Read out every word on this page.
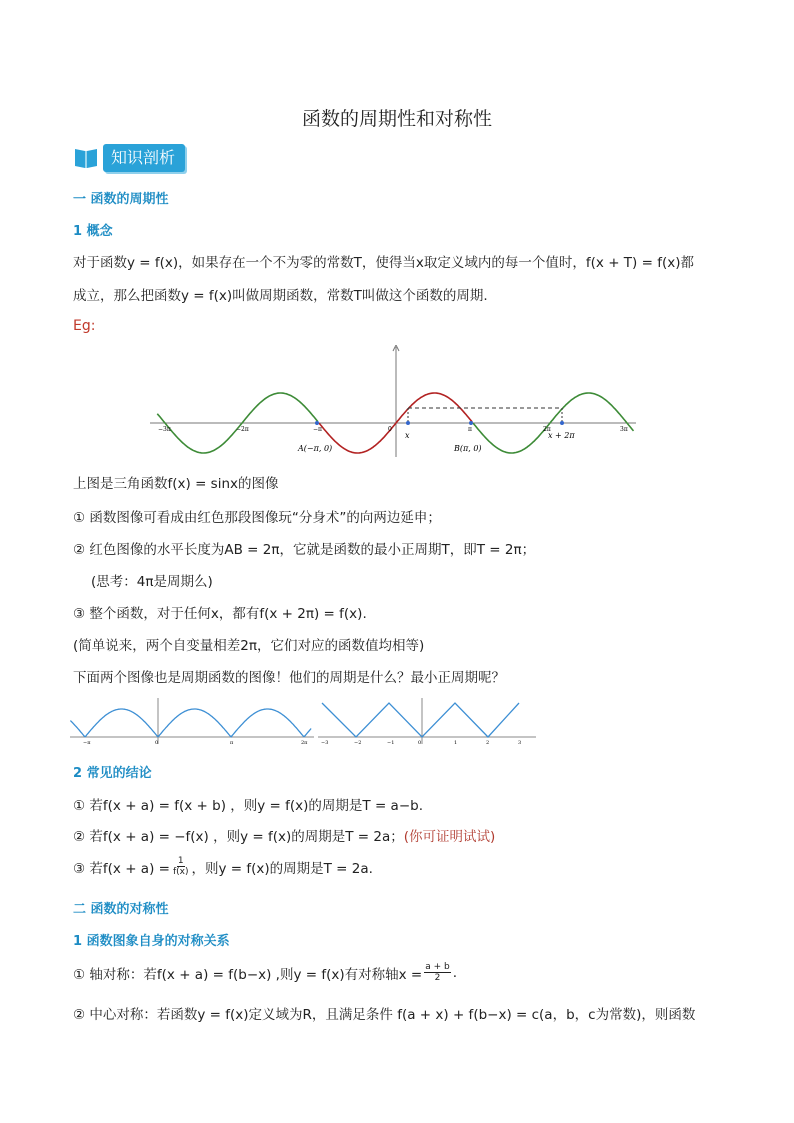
函数的周期性和对称性
知识剖析
一 函数的周期性
1 概念
对于函数y = f(x)，如果存在一个不为零的常数T，使得当x取定义域内的每一个值时，f(x + T) = f(x)都
成立，那么把函数y = f(x)叫做周期函数，常数T叫做这个函数的周期.
Eg:
−3π	−2π	−π	0	π	2π	3π
x	x + 2π
A(−π, 0)	B(π, 0)
上图是三角函数f(x) = sinx的图像
① 函数图像可看成由红色那段图像玩“分身术”的向两边延申；
② 红色图像的水平长度为AB = 2π，它就是函数的最小正周期T，即T = 2π；
(思考：4π是周期么)
③ 整个函数，对于任何x，都有f(x + 2π) = f(x).
(简单说来，两个自变量相差2π，它们对应的函数值均相等)
下面两个图像也是周期函数的图像！他们的周期是什么？最小正周期呢？
−π	0	π	2π	−3	−2	−1	0	1	2	3
2 常见的结论
① 若f(x + a) = f(x + b) ，则y = f(x)的周期是T = a−b.
② 若f(x + a) = −f(x) ，则y = f(x)的周期是T = 2a；(你可证明试试)
③ 若$f(x + a) = \frac{1}{f(x)}$ ，则y = f(x)的周期是T = 2a.
二 函数的对称性
1 函数图象自身的对称关系
① 轴对称：若f(x + a) = f(b−x) ,则y = f(x)有对称轴$x = \frac{a + b}{2}$ .
② 中心对称：若函数y = f(x)定义域为R，且满足条件 f(a + x) + f(b−x) = c(a，b，c为常数)，则函数
